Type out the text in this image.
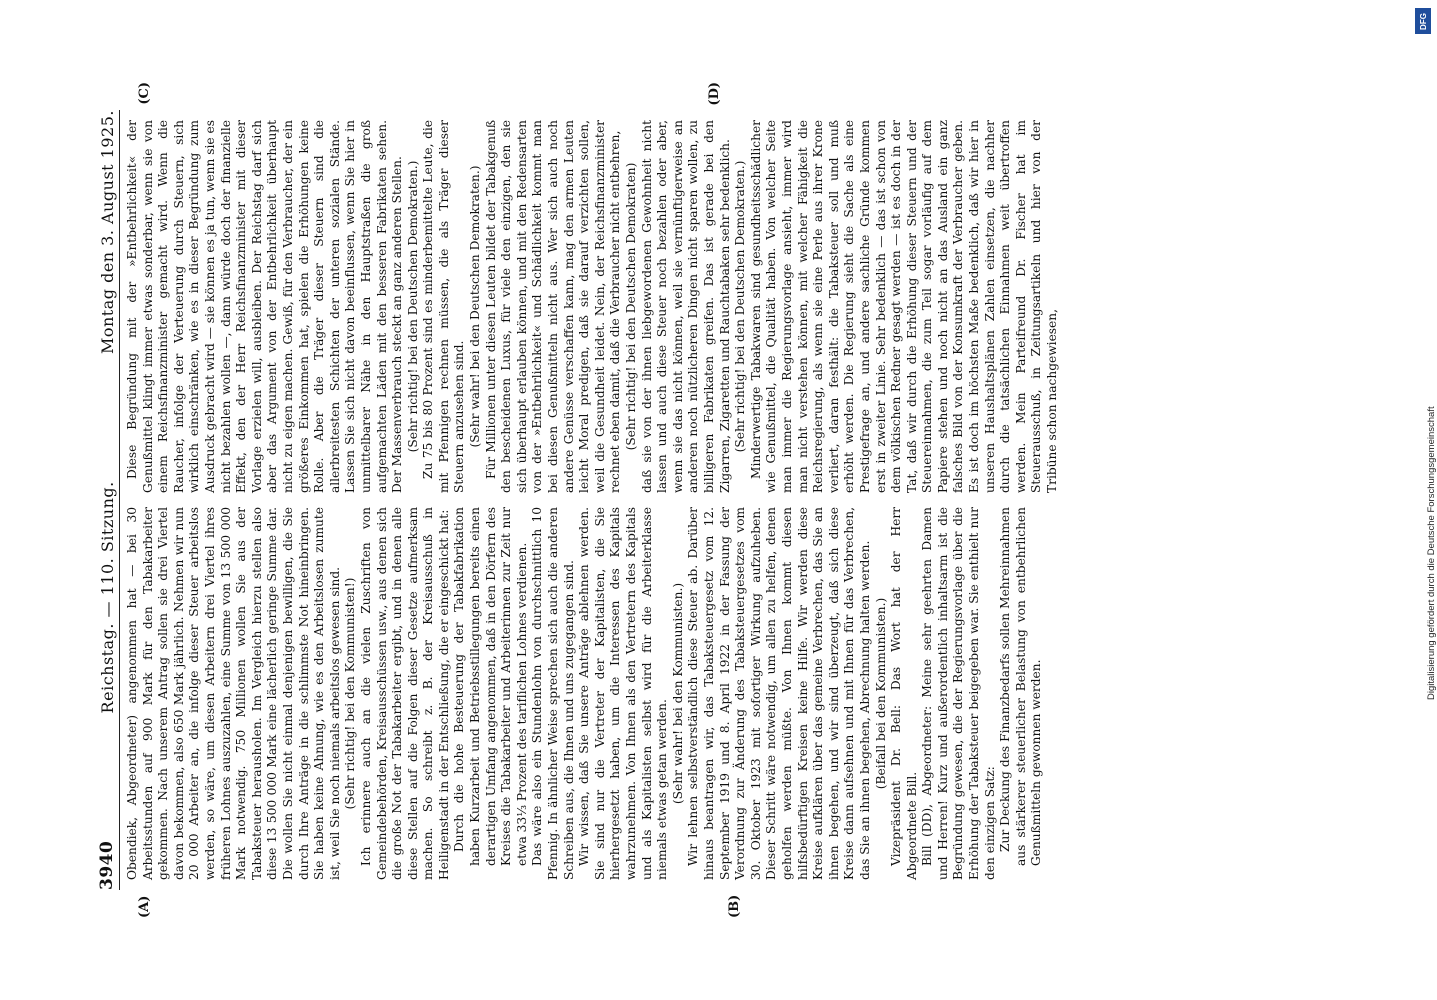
3940
Reichstag. — 110. Sitzung.
Montag den 3. August 1925.
(A)	(B)
(C)	(D)

Obendiek, Abgeordneter) angenommen hat — bei 30 Arbeitsstunden auf 900 Mark für den Tabakarbeiter gekommen. Nach unserem Antrag sollen sie drei Viertel davon bekommen, also 650 Mark jährlich. Nehmen wir nun 20 000 Arbeiter an, die infolge dieser Steuer arbeitslos werden, so wäre, um diesen Arbeitern drei Viertel ihres früheren Lohnes auszuzahlen, eine Summe von 13 500 000 Mark notwendig. 750 Millionen wollen Sie aus der Tabaksteuer herausholen. Im Vergleich hierzu stellen also diese 13 500 000 Mark eine lächerlich geringe Summe dar. Die wollen Sie nicht einmal denjenigen bewilligen, die Sie durch Ihre Anträge in die schlimmste Not hineinbringen. Sie haben keine Ahnung, wie es den Arbeitslosen zumute ist, weil Sie noch niemals arbeitslos gewesen sind. (Sehr richtig! bei den Kommunisten!) Ich erinnere auch an die vielen Zuschriften von Gemeindebehörden, Kreisausschüssen usw., aus denen sich die große Not der Tabakarbeiter ergibt, und in denen alle diese Stellen auf die Folgen dieser Gesetze aufmerksam machen. So schreibt z. B. der Kreisausschuß in Heiligenstadt in der Entschließung, die er eingeschickt hat: Durch die hohe Besteuerung der Tabakfabrikation haben Kurzarbeit und Betriebsstillegungen bereits einen derartigen Umfang angenommen, daß in den Dörfern des Kreises die Tabakarbeiter und Arbeiterinnen zur Zeit nur etwa 33⅓ Prozent des tariflichen Lohnes verdienen. Das wäre also ein Stundenlohn von durchschnittlich 10 Pfennig. In ähnlicher Weise sprechen sich auch die anderen Schreiben aus, die Ihnen und uns zugegangen sind. Wir wissen, daß Sie unsere Anträge ablehnen werden. Sie sind nur die Vertreter der Kapitalisten, die Sie hierhergesetzt haben, um die Interessen des Kapitals wahrzunehmen. Von Ihnen als den Vertretern des Kapitals und als Kapitalisten selbst wird für die Arbeiterklasse niemals etwas getan werden. (Sehr wahr! bei den Kommunisten.) Wir lehnen selbstverständlich diese Steuer ab. Darüber hinaus beantragen wir, das Tabaksteuergesetz vom 12. September 1919 und 8. April 1922 in der Fassung der Verordnung zur Änderung des Tabaksteuergesetzes vom 30. Oktober 1923 mit sofortiger Wirkung aufzuheben. Dieser Schritt wäre notwendig, um allen zu helfen, denen geholfen werden müßte. Von Ihnen kommt diesen hilfsbedürftigen Kreisen keine Hilfe. Wir werden diese Kreise aufklären über das gemeine Verbrechen, das Sie an ihnen begehen, und wir sind überzeugt, daß sich diese Kreise dann aufsehnen und mit Ihnen für das Verbrechen, das Sie an ihnen begehen, Abrechnung halten werden. (Beifall bei den Kommunisten.) Vizepräsident Dr. Bell: Das Wort hat der Herr Abgeordnete Bill. Bill (DD), Abgeordneter: Meine sehr geehrten Damen und Herren! Kurz und außerordentlich inhaltsarm ist die Begründung gewesen, die der Regierungsvorlage über die Erhöhung der Tabaksteuer beigegeben war. Sie enthielt nur den einzigen Satz: Zur Deckung des Finanzbedarfs sollen Mehreinnahmen aus stärkerer steuerlicher Belastung von entbehrlichen Genußmitteln gewonnen werden.

Diese Begründung mit der »Entbehrlichkeit« der Genußmittel klingt immer etwas sonderbar, wenn sie von einem Reichsfinanzminister gemacht wird. Wenn die Raucher, infolge der Verteuerung durch Steuern, sich wirklich einschränken, wie es in dieser Begründung zum Ausdruck gebracht wird — sie können es ja tun, wenn sie es nicht bezahlen wollen —, dann würde doch der finanzielle Effekt, den der Herr Reichsfinanzminister mit dieser Vorlage erzielen will, ausbleiben. Der Reichstag darf sich aber das Argument von der Entbehrlichkeit überhaupt nicht zu eigen machen. Gewiß, für den Verbraucher, der ein größeres Einkommen hat, spielen die Erhöhungen keine Rolle. Aber die Träger dieser Steuern sind die allerbreitesten Schichten der unteren sozialen Stände. Lassen Sie sich nicht davon beeinflussen, wenn Sie hier in unmittelbarer Nähe in den Hauptstraßen die groß aufgemachten Läden mit den besseren Fabrikaten sehen. Der Massenverbrauch steckt an ganz anderen Stellen. (Sehr richtig! bei den Deutschen Demokraten.) Zu 75 bis 80 Prozent sind es minderbemittelte Leute, die mit Pfennigen rechnen müssen, die als Träger dieser Steuern anzusehen sind. (Sehr wahr! bei den Deutschen Demokraten.) Für Millionen unter diesen Leuten bildet der Tabakgenuß den bescheidenen Luxus, für viele den einzigen, den sie sich überhaupt erlauben können, und mit den Redensarten von der »Entbehrlichkeit« und Schädlichkeit kommt man bei diesen Genußmitteln nicht aus. Wer sich auch noch andere Genüsse verschaffen kann, mag den armen Leuten leicht Moral predigen, daß sie darauf verzichten sollen, weil die Gesundheit leidet. Nein, der Reichsfinanzminister rechnet eben damit, daß die Verbraucher nicht entbehren, (Sehr richtig! bei den Deutschen Demokraten) daß sie von der ihnen liebgewordenen Gewohnheit nicht lassen und auch diese Steuer noch bezahlen oder aber, wenn sie das nicht können, weil sie vernünftigerweise an anderen noch nützlicheren Dingen nicht sparen wollen, zu billigeren Fabrikaten greifen. Das ist gerade bei den Zigarren, Zigaretten und Rauchtabaken sehr bedenklich. (Sehr richtig! bei den Deutschen Demokraten.) Minderwertige Tabakwaren sind gesundheitsschädlicher wie Genußmittel, die Qualität haben. Von welcher Seite man immer die Regierungsvorlage ansieht, immer wird man nicht verstehen können, mit welcher Fähigkeit die Reichsregierung, als wenn sie eine Perle aus ihrer Krone verliert, daran festhält: die Tabaksteuer soll und muß erhöht werden. Die Regierung sieht die Sache als eine Prestigefrage an, und andere sachliche Gründe kommen erst in zweiter Linie. Sehr bedenklich — das ist schon von dem völkischen Redner gesagt werden — ist es doch in der Tat, daß wir durch die Erhöhung dieser Steuern und der Steuereinnahmen, die zum Teil sogar vorläufig auf dem Papiere stehen und noch nicht an das Ausland ein ganz falsches Bild von der Konsumkraft der Verbraucher geben. Es ist doch im höchsten Maße bedenklich, daß wir hier in unseren Haushaltsplänen Zahlen einsetzen, die nachher durch die tatsächlichen Einnahmen weit übertroffen werden. Mein Parteifreund Dr. Fischer hat im Steuerausschuß, in Zeitungsartikeln und hier von der Tribüne schon nachgewiesen,

DFG
Digitalisierung gefördert durch die Deutsche Forschungsgemeinschaft
